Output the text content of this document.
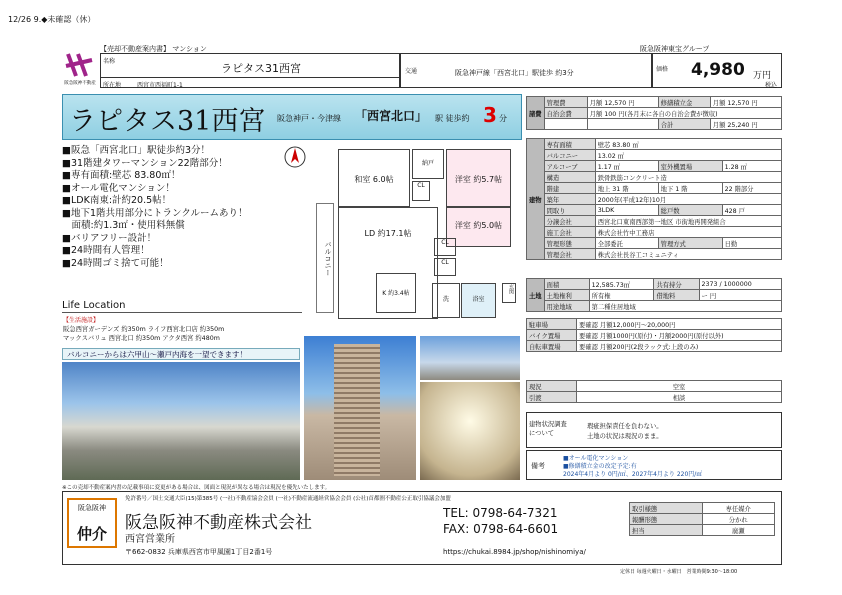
12/26 9.◆未確認（休）
【売却不動産案内書】 マンション	阪急阪神東宝グループ
阪急阪神不動産
名称
ラピタス31西宮
所在地	西宮市西福町1-1
交通	阪急神戸線「西宮北口」駅徒歩 約3分	価格 4,980 万円
税込
ラピタス31西宮 阪急神戸・今津線 「西宮北口」 駅 徒歩約 3 分
■阪急「西宮北口」駅徒歩約3分！
■31階建タワーマンション22階部分！
■専有面積:壁芯 83.80㎡！
■オール電化マンション！
■LDK南東:計約20.5帖！
■地下1階共用部分にトランクルームあり！
　面積:約1.3㎡・使用料無償
■バリアフリー設計！
■24時間有人管理！
■24時間ゴミ捨て可能！
Life Location
【生活施設】
阪急西宮ガーデンズ 約350m ライフ西宮北口店 約350m
マックスバリュ 西宮北口 約350m アクタ西宮 約480m
和室 6.0帖	洋室 約5.7帖
LD 約17.1帖
洋室 約5.0帖
K 約3.4帖
納戸
CL
CL
CL
浴室
洗
バルコニー
玄関
バルコニーからは六甲山～瀬戸内海を一望できます！
諸費	管理費	月額 12,570 円	修繕積立金	月額 12,570 円
	自治会費	月額 100 円(各月末に各自の自治会費が徴収)		
			合計	月額 25,240 円
建物	専有面積	壁芯 83.80 ㎡		
	バルコニー	13.02 ㎡		
	アルコーブ	1.17 ㎡	室外機置場	1.28 ㎡
	構造	鉄骨鉄筋コンクリート造		
	階建	地上 31 階	地下 1 階	22 階部分
	築年	2000年(平成12年)10月		
	間取り	3LDK	総戸数	428 戸
	分譲会社	西宮北口東南西部第一地区 市街地再開発組合		
	施工会社	株式会社竹中工務店		
	管理形態	全部委託	管理方式	日勤
	管理会社	株式会社長谷工コミュニティ		
土地	面積	12,585.73㎡	共有持分	2373 / 1000000
	土地権利	所有権	借地料	ー 円
	用途地域	第二種住居地域		
駐車場	要確認 月額12,000円～20,000円
バイク置場	要確認 月額1000円(原付)・月額2000円(原付以外)
自転車置場	要確認 月額200円(2段ラック式:上段のみ)
現況	空室
引渡	相談
建物状況調査について
瑕疵担保責任を負わない。
土地の状況は現況のまま。
備考
■オール電化マンション
■修繕積立金の改定予定:有
2024年4月より 0円/㎡、2027年4月より 220円/㎡
※この売却不動産案内書の記載事項に変更がある場合は、図面と現況が異なる場合は現況を優先いたします。
阪急阪神
仲介
免許番号／国土交通大臣(15)第385号 (一社)不動産協会会員 (一社)不動産流通経営協会会員 (公社)首都圏不動産公正取引協議会加盟
阪急阪神不動産株式会社
西宮営業所
〒662-0832 兵庫県西宮市甲風園1丁目2番1号
TEL: 0798-64-7321
FAX: 0798-64-6601
https://chukai.8984.jp/shop/nishinomiya/
取引様態	専任媒介
報酬形態	分かれ
担当	廣瀬
定休日 毎週火曜日・水曜日　営業時間9:30～18:00
